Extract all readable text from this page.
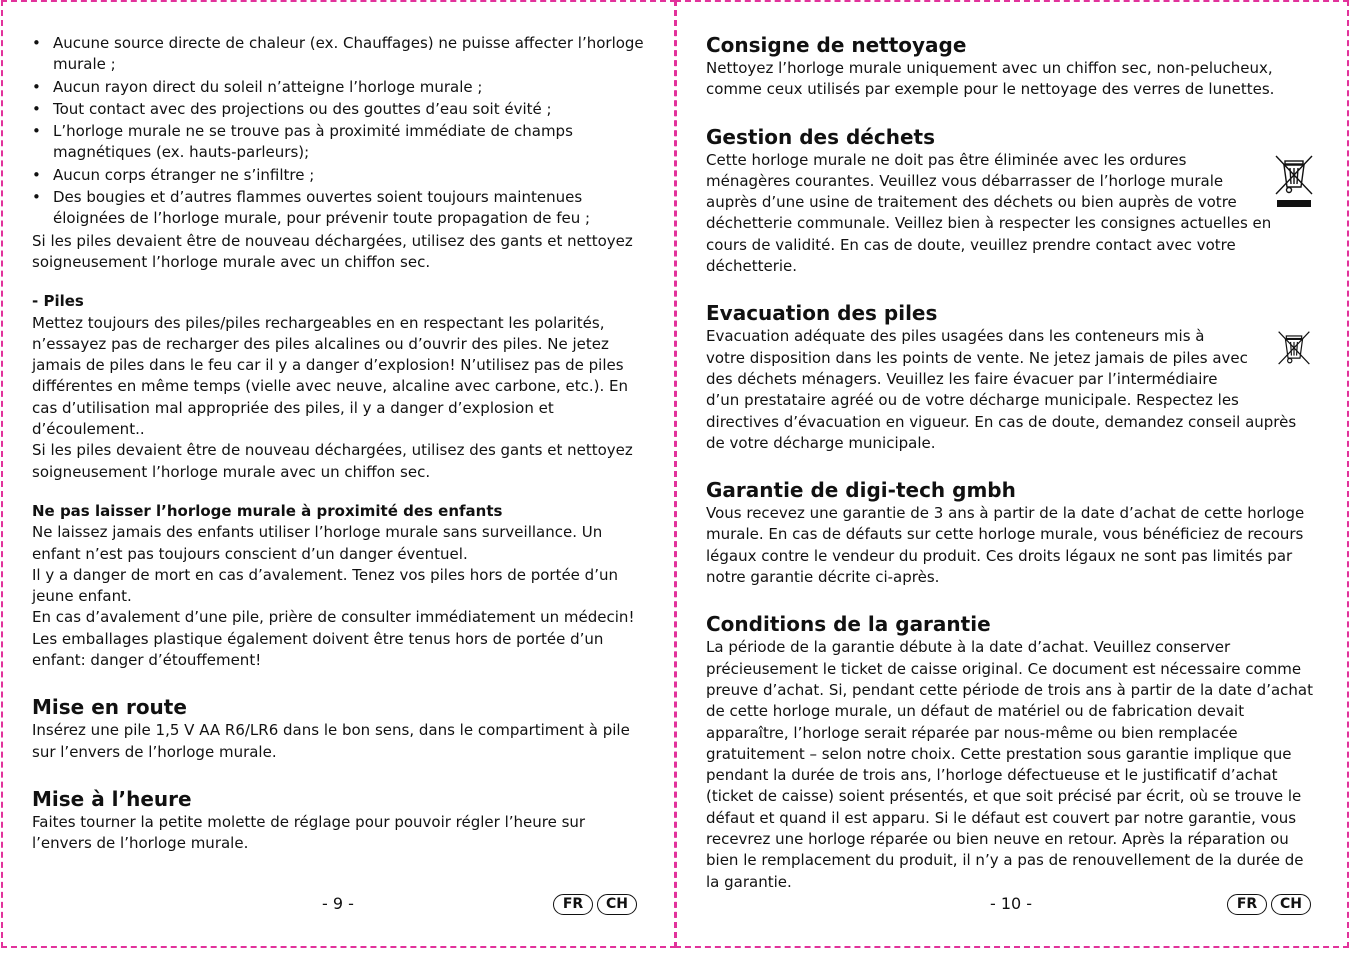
• Aucune source directe de chaleur (ex. Chauffages) ne puisse affecter l’horloge murale ;
• Aucun rayon direct du soleil n’atteigne l’horloge murale ;
• Tout contact avec des projections ou des gouttes d’eau soit évité ;
• L’horloge murale ne se trouve pas à proximité immédiate de champs magnétiques (ex. hauts-parleurs);
• Aucun corps étranger ne s’infiltre ;
• Des bougies et d’autres flammes ouvertes soient toujours maintenues éloignées de l’horloge murale, pour prévenir toute propagation de feu ;

Si les piles devaient être de nouveau déchargées, utilisez des gants et nettoyez soigneusement l’horloge murale avec un chiffon sec.

- Piles

Mettez toujours des piles/piles rechargeables en en respectant les polarités, n’essayez pas de recharger des piles alcalines ou d’ouvrir des piles. Ne jetez jamais de piles dans le feu car il y a danger d’explosion! N’utilisez pas de piles différentes en même temps (vielle avec neuve, alcaline avec carbone, etc.). En cas d’utilisation mal appropriée des piles, il y a danger d’explosion et d’écoulement..

Si les piles devaient être de nouveau déchargées, utilisez des gants et nettoyez soigneusement l’horloge murale avec un chiffon sec.

Ne pas laisser l’horloge murale à proximité des enfants

Ne laissez jamais des enfants utiliser l’horloge murale sans surveillance. Un enfant n’est pas toujours conscient d’un danger éventuel.

Il y a danger de mort en cas d’avalement. Tenez vos piles hors de portée d’un jeune enfant.

En cas d’avalement d’une pile, prière de consulter immédiatement un médecin!

Les emballages plastique également doivent être tenus hors de portée d’un enfant: danger d’étouffement!

Mise en route

Insérez une pile 1,5 V AA R6/LR6 dans le bon sens, dans le compartiment à pile sur l’envers de l’horloge murale.

Mise à l’heure

Faites tourner la petite molette de réglage pour pouvoir régler l’heure sur l’envers de l’horloge murale.

- 9 -	FR	CH
Consigne de nettoyage

Nettoyez l’horloge murale uniquement avec un chiffon sec, non-pelucheux, comme ceux utilisés par exemple pour le nettoyage des verres de lunettes.

Gestion des déchets

Cette horloge murale ne doit pas être éliminée avec les ordures ménagères courantes. Veuillez vous débarrasser de l’horloge murale auprès d’une usine de traitement des déchets ou bien auprès de votre déchetterie communale. Veillez bien à respecter les consignes actuelles en cours de validité. En cas de doute, veuillez prendre contact avec votre déchetterie.

Evacuation des piles

Evacuation adéquate des piles usagées dans les conteneurs mis à votre disposition dans les points de vente. Ne jetez jamais de piles avec des déchets ménagers. Veuillez les faire évacuer par l’intermédiaire d’un prestataire agréé ou de votre décharge municipale. Respectez les directives d’évacuation en vigueur. En cas de doute, demandez conseil auprès de votre décharge municipale.

Garantie de digi-tech gmbh

Vous recevez une garantie de 3 ans à partir de la date d’achat de cette horloge murale. En cas de défauts sur cette horloge murale, vous bénéficiez de recours légaux contre le vendeur du produit. Ces droits légaux ne sont pas limités par notre garantie décrite ci-après.

Conditions de la garantie

La période de la garantie débute à la date d’achat. Veuillez conserver précieusement le ticket de caisse original. Ce document est nécessaire comme preuve d’achat. Si, pendant cette période de trois ans à partir de la date d’achat de cette horloge murale, un défaut de matériel ou de fabrication devait apparaître, l’horloge serait réparée par nous-même ou bien remplacée gratuitement – selon notre choix. Cette prestation sous garantie implique que pendant la durée de trois ans, l’horloge défectueuse et le justificatif d’achat (ticket de caisse) soient présentés, et que soit précisé par écrit, où se trouve le défaut et quand il est apparu. Si le défaut est couvert par notre garantie, vous recevrez une horloge réparée ou bien neuve en retour. Après la réparation ou bien le remplacement du produit, il n’y a pas de renouvellement de la durée de la garantie.

- 10 -	FR	CH
